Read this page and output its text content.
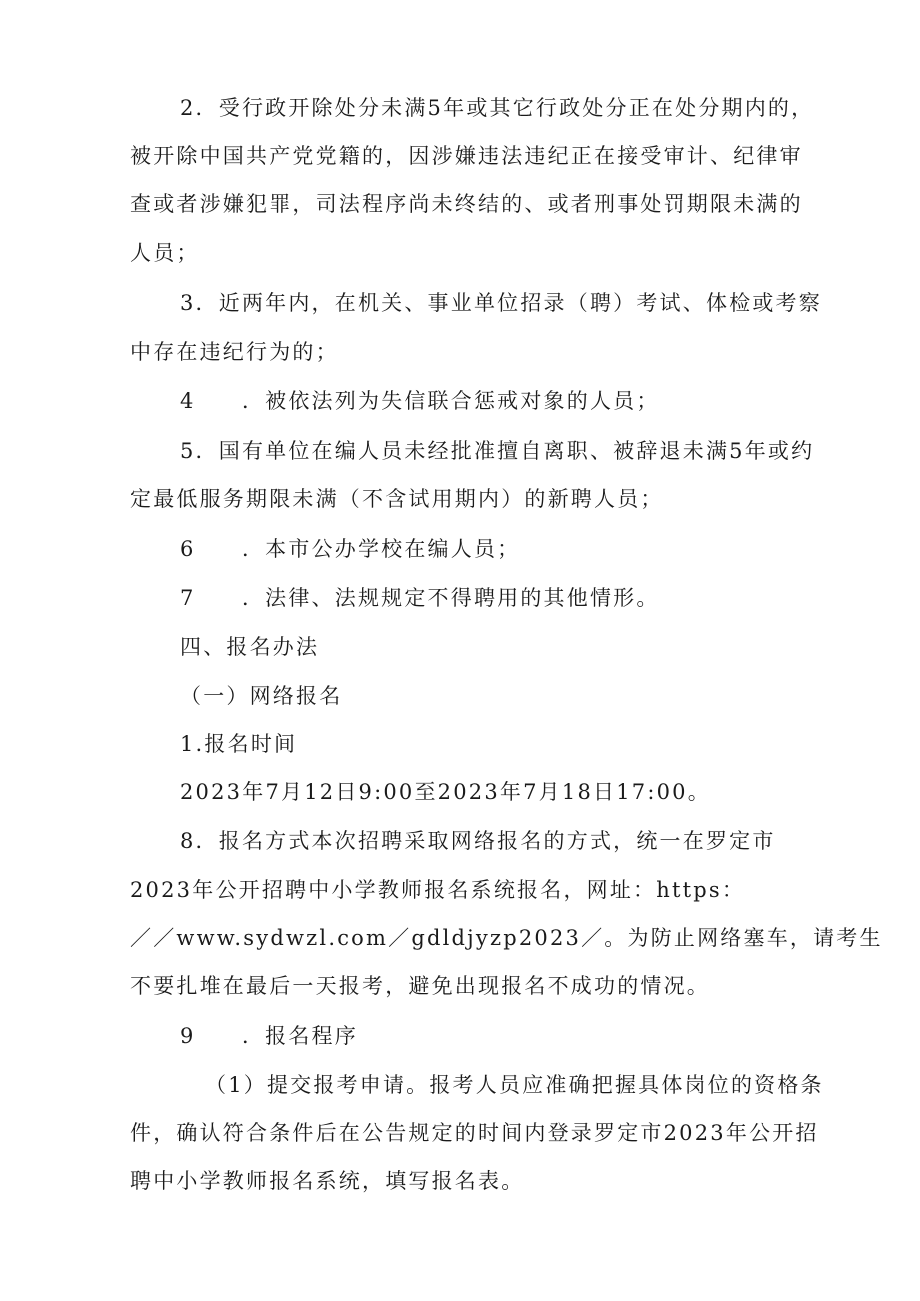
2．受行政开除处分未满5年或其它行政处分正在处分期内的，
被开除中国共产党党籍的，因涉嫌违法违纪正在接受审计、纪律审
查或者涉嫌犯罪，司法程序尚未终结的、或者刑事处罚期限未满的
人员；
3．近两年内，在机关、事业单位招录（聘）考试、体检或考察
中存在违纪行为的；
4　　．被依法列为失信联合惩戒对象的人员；
5．国有单位在编人员未经批准擅自离职、被辞退未满5年或约
定最低服务期限未满（不含试用期内）的新聘人员；
6　　．本市公办学校在编人员；
7　　．法律、法规规定不得聘用的其他情形。
四、报名办法
（一）网络报名
1.报名时间
2023年7月12日9:00至2023年7月18日17:00。
8．报名方式本次招聘采取网络报名的方式，统一在罗定市
2023年公开招聘中小学教师报名系统报名，网址：https：
／／www.sydwzl.com／gdldjyzp2023／。为防止网络塞车，请考生
不要扎堆在最后一天报考，避免出现报名不成功的情况。
9　　．报名程序
（1）提交报考申请。报考人员应准确把握具体岗位的资格条
件，确认符合条件后在公告规定的时间内登录罗定市2023年公开招
聘中小学教师报名系统，填写报名表。
